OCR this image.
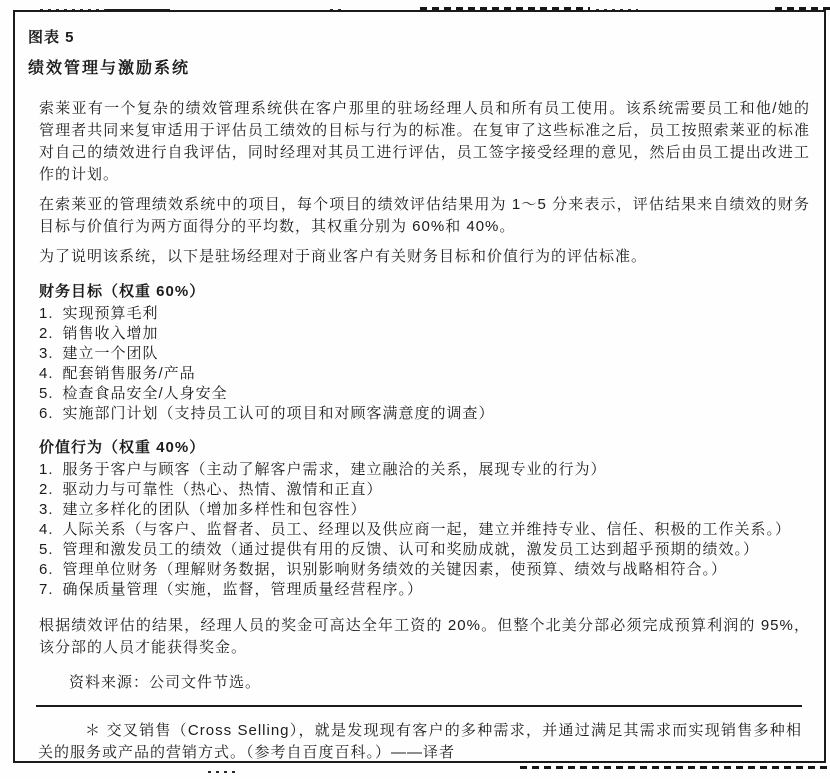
图表 5
绩效管理与激励系统

索莱亚有一个复杂的绩效管理系统供在客户那里的驻场经理人员和所有员工使用。该系统需要员工和他/她的管理者共同来复审适用于评估员工绩效的目标与行为的标准。在复审了这些标准之后，员工按照索莱亚的标准对自己的绩效进行自我评估，同时经理对其员工进行评估，员工签字接受经理的意见，然后由员工提出改进工作的计划。

在索莱亚的管理绩效系统中的项目，每个项目的绩效评估结果用为 1～5 分来表示，评估结果来自绩效的财务目标与价值行为两方面得分的平均数，其权重分别为 60%和 40%。

为了说明该系统，以下是驻场经理对于商业客户有关财务目标和价值行为的评估标准。

财务目标（权重 60%）
实现预算毛利
销售收入增加
建立一个团队
配套销售服务/产品
检查食品安全/人身安全
实施部门计划（支持员工认可的项目和对顾客满意度的调查）
价值行为（权重 40%）
服务于客户与顾客（主动了解客户需求，建立融洽的关系，展现专业的行为）
驱动力与可靠性（热心、热情、激情和正直）
建立多样化的团队（增加多样性和包容性）
人际关系（与客户、监督者、员工、经理以及供应商一起，建立并维持专业、信任、积极的工作关系。）
管理和激发员工的绩效（通过提供有用的反馈、认可和奖励成就，激发员工达到超乎预期的绩效。）
管理单位财务（理解财务数据，识别影响财务绩效的关键因素，使预算、绩效与战略相符合。）
确保质量管理（实施，监督，管理质量经营程序。）

根据绩效评估的结果，经理人员的奖金可高达全年工资的 20%。但整个北美分部必须完成预算利润的 95%，该分部的人员才能获得奖金。

资料来源：公司文件节选。

＊ 交叉销售（Cross Selling），就是发现现有客户的多种需求，并通过满足其需求而实现销售多种相关的服务或产品的营销方式。（参考自百度百科。）——译者
